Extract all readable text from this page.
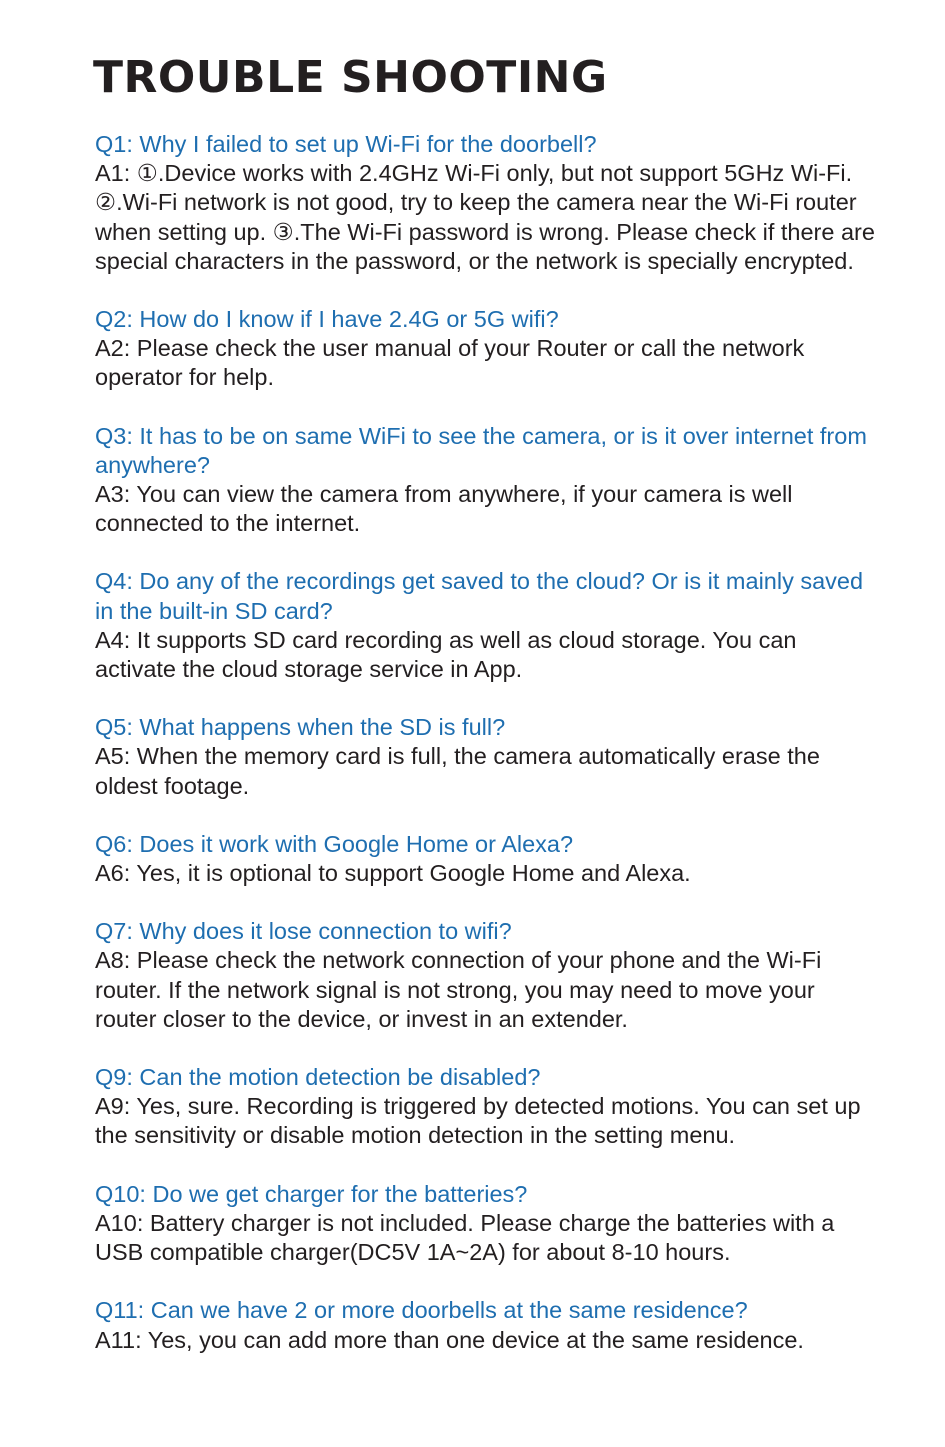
TROUBLE SHOOTING

Q1: Why I failed to set up Wi-Fi for the doorbell?

A1: ①.Device works with 2.4GHz Wi-Fi only, but not support 5GHz Wi-Fi. ②.Wi-Fi network is not good, try to keep the camera near the Wi-Fi router when setting up. ③.The Wi-Fi password is wrong. Please check if there are special characters in the password, or the network is specially encrypted.

Q2: How do I know if I have 2.4G or 5G wifi?

A2: Please check the user manual of your Router or call the network operator for help.

Q3: It has to be on same WiFi to see the camera, or is it over internet from anywhere?

A3: You can view the camera from anywhere, if your camera is well connected to the internet.

Q4: Do any of the recordings get saved to the cloud? Or is it mainly saved in the built-in SD card?

A4: It supports SD card recording as well as cloud storage. You can activate the cloud storage service in App.

Q5: What happens when the SD is full?

A5: When the memory card is full, the camera automatically erase the oldest footage.

Q6: Does it work with Google Home or Alexa?

A6: Yes, it is optional to support Google Home and Alexa.

Q7: Why does it lose connection to wifi?

A8: Please check the network connection of your phone and the Wi-Fi router. If the network signal is not strong, you may need to move your router closer to the device, or invest in an extender.

Q9: Can the motion detection be disabled?

A9: Yes, sure. Recording is triggered by detected motions. You can set up the sensitivity or disable motion detection in the setting menu.

Q10: Do we get charger for the batteries?

A10: Battery charger is not included. Please charge the batteries with a USB compatible charger(DC5V 1A~2A) for about 8-10 hours.

Q11: Can we have 2 or more doorbells at the same residence?

A11: Yes, you can add more than one device at the same residence.
